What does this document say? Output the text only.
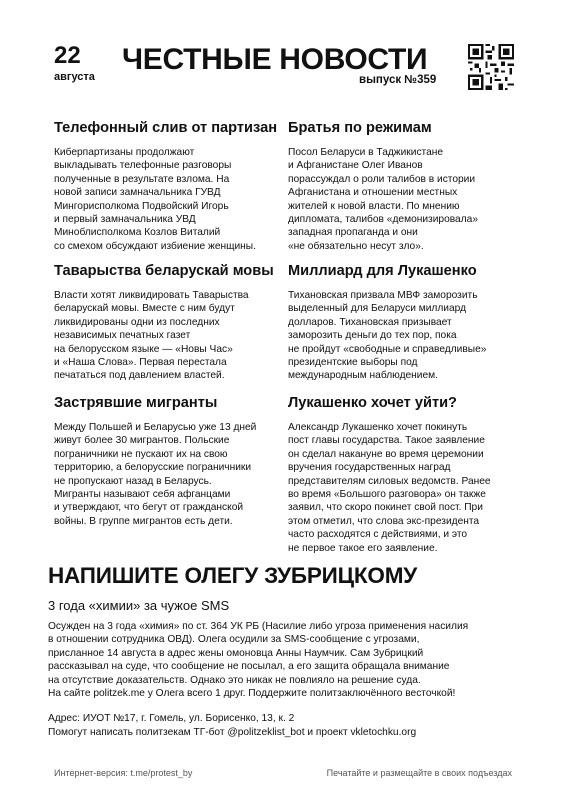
22
августа
ЧЕСТНЫЕ НОВОСТИ
выпуск №359
Телефонный слив от партизан
Киберпартизаны продолжают
выкладывать телефонные разговоры
полученные в результате взлома. На
новой записи замначальника ГУВД
Мингорисполкома Подвойский Игорь
и первый замначальника УВД
Миноблисполкома Козлов Виталий
со смехом обсуждают избиение женщины.
Таварыства беларускай мовы
Власти хотят ликвидировать Таварыства
беларускай мовы. Вместе с ним будут
ликвидированы одни из последних
независимых печатных газет
на белорусском языке — «Новы Час»
и «Наша Слова». Первая перестала
печататься под давлением властей.
Застрявшие мигранты
Между Польшей и Беларусью уже 13 дней
живут более 30 мигрантов. Польские
пограничники не пускают их на свою
территорию, а белорусские пограничники
не пропускают назад в Беларусь.
Мигранты называют себя афганцами
и утверждают, что бегут от гражданской
войны. В группе мигрантов есть дети.
Братья по режимам
Посол Беларуси в Таджикистане
и Афганистане Олег Иванов
порассуждал о роли талибов в истории
Афганистана и отношении местных
жителей к новой власти. По мнению
дипломата, талибов «демонизировала»
западная пропаганда и они
«не обязательно несут зло».
Миллиард для Лукашенко
Тихановская призвала МВФ заморозить
выделенный для Беларуси миллиард
долларов. Тихановская призывает
заморозить деньги до тех пор, пока
не пройдут «свободные и справедливые»
президентские выборы под
международным наблюдением.
Лукашенко хочет уйти?
Александр Лукашенко хочет покинуть
пост главы государства. Такое заявление
он сделал накануне во время церемонии
вручения государственных наград
представителям силовых ведомств. Ранее
во время «Большого разговора» он также
заявил, что скоро покинет свой пост. При
этом отметил, что слова экс-президента
часто расходятся с действиями, и это
не первое такое его заявление.
НАПИШИТЕ ОЛЕГУ ЗУБРИЦКОМУ
3 года «химии» за чужое SMS
Осужден на 3 года «химия» по ст. 364 УК РБ (Насилие либо угроза применения насилия
в отношении сотрудника ОВД). Олега осудили за SMS-сообщение с угрозами,
присланное 14 августа в адрес жены омоновца Анны Наумчик. Сам Зубрицкий
рассказывал на суде, что сообщение не посылал, а его защита обращала внимание
на отсутствие доказательств. Однако это никак не повлияло на решение суда.
На сайте politzek.me у Олега всего 1 друг. Поддержите политзаключённого весточкой!
Адрес: ИУОТ №17, г. Гомель, ул. Борисенко, 13, к. 2
Помогут написать политзекам ТГ-бот @politzeklist_bot и проект vkletochku.org
Интернет-версия: t.me/protest_by	Печатайте и размещайте в своих подъездах
